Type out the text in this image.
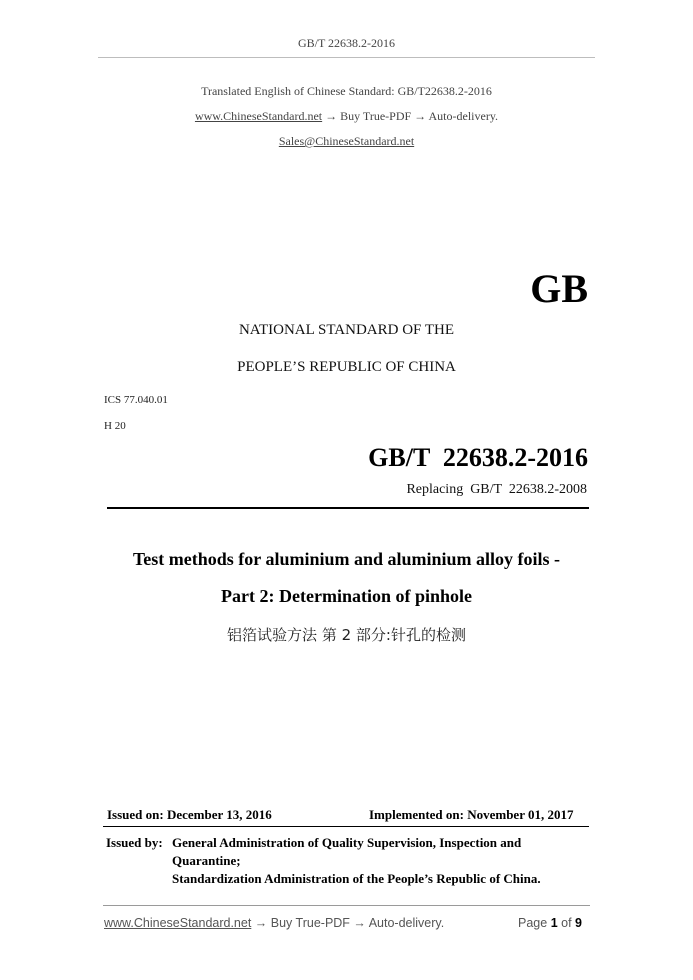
GB/T 22638.2-2016
Translated English of Chinese Standard: GB/T22638.2-2016
www.ChineseStandard.net → Buy True-PDF → Auto-delivery.
Sales@ChineseStandard.net
GB
NATIONAL STANDARD OF THE
PEOPLE’S REPUBLIC OF CHINA
ICS 77.040.01
H 20
GB/T  22638.2-2016
Replacing  GB/T  22638.2-2008
Test methods for aluminium and aluminium alloy foils -
Part 2: Determination of pinhole
铝箔试验方法 第 2 部分:针孔的检测
Issued on: December 13, 2016	Implemented on: November 01, 2017
Issued by: General Administration of Quality Supervision, Inspection and
Quarantine;
Standardization Administration of the People’s Republic of China.
www.ChineseStandard.net → Buy True-PDF → Auto-delivery.	Page 1 of 9
